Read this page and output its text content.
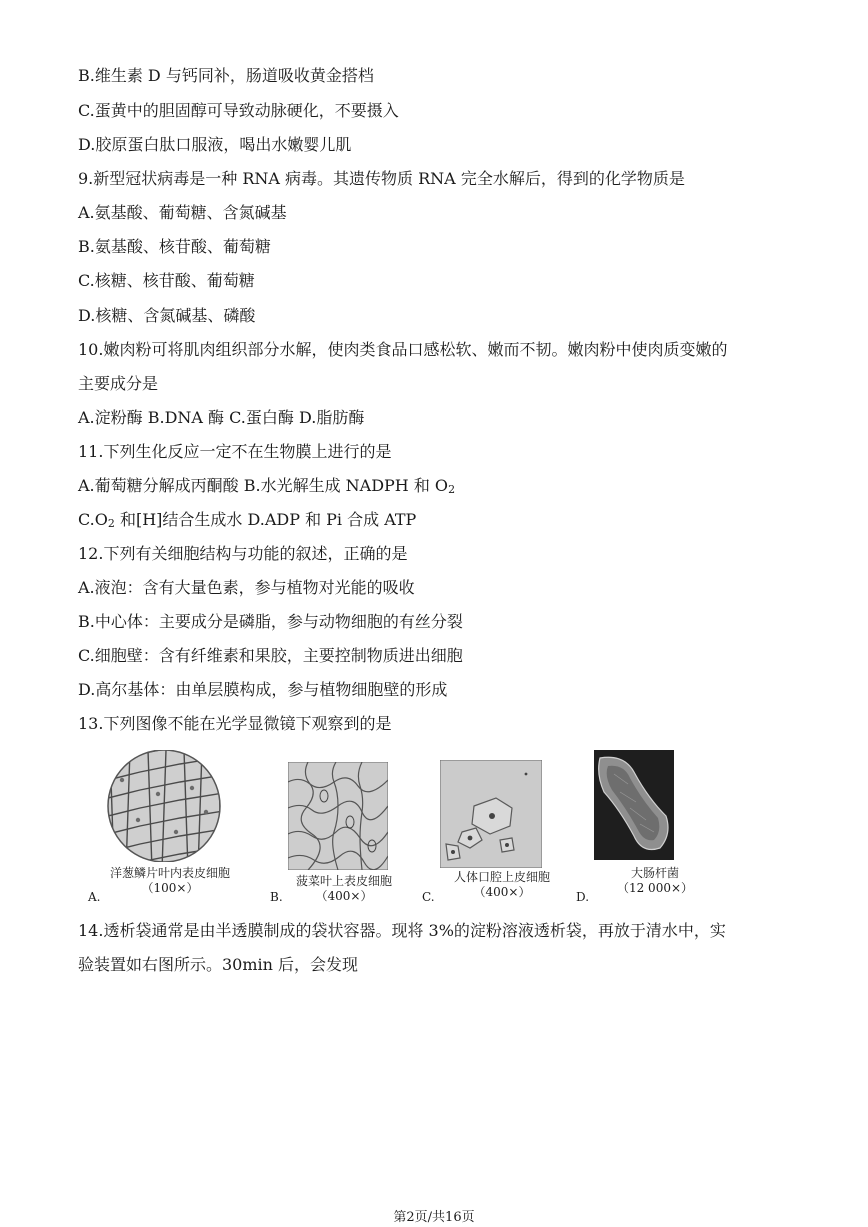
B.维生素 D 与钙同补，肠道吸收黄金搭档
C.蛋黄中的胆固醇可导致动脉硬化，不要摄入
D.胶原蛋白肽口服液，喝出水嫩婴儿肌
9.新型冠状病毒是一种 RNA 病毒。其遗传物质 RNA 完全水解后，得到的化学物质是
A.氨基酸、葡萄糖、含氮碱基
B.氨基酸、核苷酸、葡萄糖
C.核糖、核苷酸、葡萄糖
D.核糖、含氮碱基、磷酸
10.嫩肉粉可将肌肉组织部分水解，使肉类食品口感松软、嫩而不韧。嫩肉粉中使肉质变嫩的
主要成分是
A.淀粉酶 B.DNA 酶 C.蛋白酶 D.脂肪酶
11.下列生化反应一定不在生物膜上进行的是
A.葡萄糖分解成丙酮酸 B.水光解生成 NADPH 和 $O_2$
$C.O_2$ 和[H]结合生成水 D.ADP 和 Pi 合成 ATP
12.下列有关细胞结构与功能的叙述，正确的是
A.液泡：含有大量色素，参与植物对光能的吸收
B.中心体：主要成分是磷脂，参与动物细胞的有丝分裂
C.细胞壁：含有纤维素和果胶，主要控制物质进出细胞
D.高尔基体：由单层膜构成，参与植物细胞壁的形成
13.下列图像不能在光学显微镜下观察到的是
洋葱鳞片叶内表皮细胞
（100×）
A.
菠菜叶上表皮细胞
（400×）
B.
人体口腔上皮细胞
（400×）
C.
大肠杆菌
（12 000×）
D.
14.透析袋通常是由半透膜制成的袋状容器。现将 3%的淀粉溶液透析袋，再放于清水中，实
验装置如右图所示。30min 后，会发现
第2页/共16页
